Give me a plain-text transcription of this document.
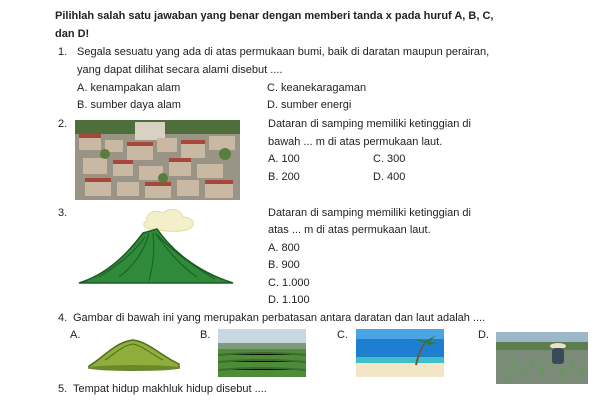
Pilihlah salah satu jawaban yang benar dengan memberi tanda x pada huruf A, B, C,
dan D!
1. Segala sesuatu yang ada di atas permukaan bumi, baik di daratan maupun perairan,
yang dapat dilihat secara alami disebut ....
A. kenampakan alam
B. sumber daya alam
C. keanekaragaman
D. sumber energi
2.	Dataran di samping memiliki ketinggian di
bawah ... m di atas permukaan laut.
A. 100
B. 200
C. 300
D. 400
3.	Dataran di samping memiliki ketinggian di
atas ... m di atas permukaan laut.
A. 800
B. 900
C. 1.000
D. 1.100
4. Gambar di bawah ini yang merupakan perbatasan antara daratan dan laut adalah ....
A.	B.	C.	D.
5. Tempat hidup makhluk hidup disebut ....
